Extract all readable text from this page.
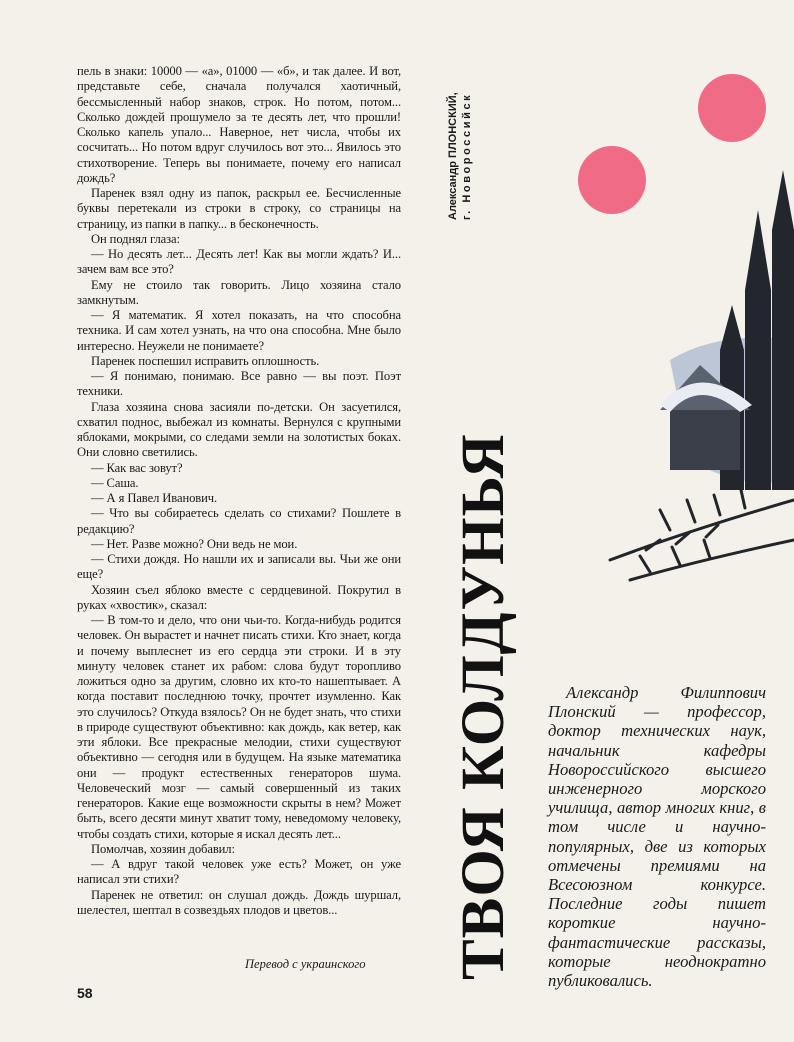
пель в знаки: 10000 — «а», 01000 — «б», и так далее. И вот, представьте себе, сначала получался хаотичный, бессмысленный набор знаков, строк. Но потом, потом... Сколько дождей прошумело за те десять лет, что прошли! Сколько капель упало... Наверное, нет числа, чтобы их сосчитать... Но потом вдруг случилось вот это... Явилось это стихотворение. Теперь вы понимаете, почему его написал дождь?

Паренек взял одну из папок, раскрыл ее. Бесчисленные буквы перетекали из строки в строку, со страницы на страницу, из папки в папку... в бесконечность.

Он поднял глаза:

— Но десять лет... Десять лет! Как вы могли ждать? И... зачем вам все это?

Ему не стоило так говорить. Лицо хозяина стало замкнутым.

— Я математик. Я хотел показать, на что способна техника. И сам хотел узнать, на что она способна. Мне было интересно. Неужели не понимаете?

Паренек поспешил исправить оплошность.

— Я понимаю, понимаю. Все равно — вы поэт. Поэт техники.

Глаза хозяина снова засияли по-детски. Он засуетился, схватил поднос, выбежал из комнаты. Вернулся с крупными яблоками, мокрыми, со следами земли на золотистых боках. Они словно светились.

— Как вас зовут?

— Саша.

— А я Павел Иванович.

— Что вы собираетесь сделать со стихами? Пошлете в редакцию?

— Нет. Разве можно? Они ведь не мои.

— Стихи дождя. Но нашли их и записали вы. Чьи же они еще?

Хозяин съел яблоко вместе с сердцевиной. Покрутил в руках «хвостик», сказал:

— В том-то и дело, что они чьи-то. Когда-нибудь родится человек. Он вырастет и начнет писать стихи. Кто знает, когда и почему выплеснет из его сердца эти строки. И в эту минуту человек станет их рабом: слова будут торопливо ложиться одно за другим, словно их кто-то нашептывает. А когда поставит последнюю точку, прочтет изумленно. Как это случилось? Откуда взялось? Он не будет знать, что стихи в природе существуют объективно: как дождь, как ветер, как эти яблоки. Все прекрасные мелодии, стихи существуют объективно — сегодня или в будущем. На языке математика они — продукт естественных генераторов шума. Человеческий мозг — самый совершенный из таких генераторов. Какие еще возможности скрыты в нем? Может быть, всего десяти минут хватит тому, неведомому человеку, чтобы создать стихи, которые я искал десять лет...

Помолчав, хозяин добавил:

— А вдруг такой человек уже есть? Может, он уже написал эти стихи?

Паренек не ответил: он слушал дождь. Дождь шуршал, шелестел, шептал в созвездьях плодов и цветов...

Перевод с украинского
58
Александр ПЛОНСКИЙ, г. Новороссийск
ТВОЯ КОЛДУНЬЯ	Александр Филиппович Плонский — профессор, доктор технических наук, начальник кафедры Новороссийского высшего инженерного морского училища, автор многих книг, в том числе и научно-популярных, две из которых отмечены премиями на Всесоюзном конкурсе. Последние годы пишет короткие научно-фантастические рассказы, которые неоднократно публиковались.
